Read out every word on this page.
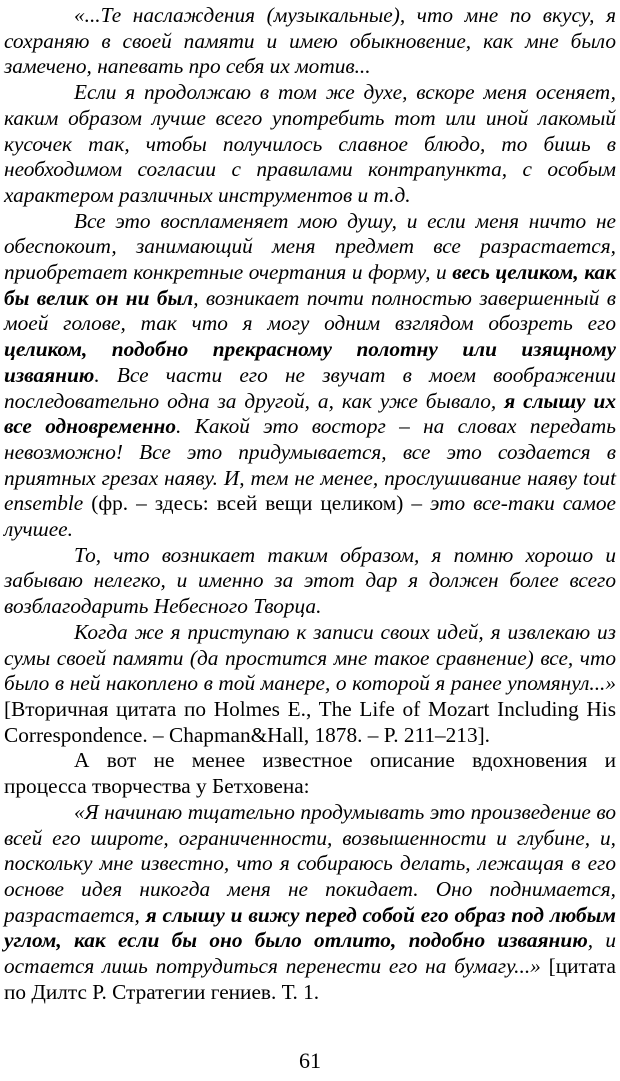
«...Те наслаждения (музыкальные), что мне по вкусу, я сохраняю в своей памяти и имею обыкновение, как мне было замечено, напевать про себя их мотив...

Если я продолжаю в том же духе, вскоре меня осеняет, каким образом лучше всего употребить тот или иной лакомый кусочек так, чтобы получилось славное блюдо, то бишь в необходимом согласии с правилами контрапункта, с особым характером различных инструментов и т.д.

Все это воспламеняет мою душу, и если меня ничто не обеспокоит, занимающий меня предмет все разрастается, приобретает конкретные очертания и форму, и весь целиком, как бы велик он ни был, возникает почти полностью завершенный в моей голове, так что я могу одним взглядом обозреть его целиком, подобно прекрасному полотну или изящному изваянию. Все части его не звучат в моем воображении последовательно одна за другой, а, как уже бывало, я слышу их все одновременно. Какой это восторг – на словах передать невозможно! Все это придумывается, все это создается в приятных грезах наяву. И, тем не менее, прослушивание наяву tout ensemble (фр. – здесь: всей вещи целиком) – это все-таки самое лучшее.

То, что возникает таким образом, я помню хорошо и забываю нелегко, и именно за этот дар я должен более всего возблагодарить Небесного Творца.

Когда же я приступаю к записи своих идей, я извлекаю из сумы своей памяти (да простится мне такое сравнение) все, что было в ней накоплено в той манере, о которой я ранее упомянул...» [Вторичная цитата по Holmes E., The Life of Mozart Including His Correspondence. – Chapman&Hall, 1878. – P. 211–213].

А вот не менее известное описание вдохновения и процесса творчества у Бетховена:

«Я начинаю тщательно продумывать это произведение во всей его широте, ограниченности, возвышенности и глубине, и, поскольку мне известно, что я собираюсь делать, лежащая в его основе идея никогда меня не покидает. Оно поднимается, разрастается, я слышу и вижу перед собой его образ под любым углом, как если бы оно было отлито, подобно изваянию, и остается лишь потрудиться перенести его на бумагу...» [цитата по Дилтс Р. Стратегии гениев. Т. 1.

61
